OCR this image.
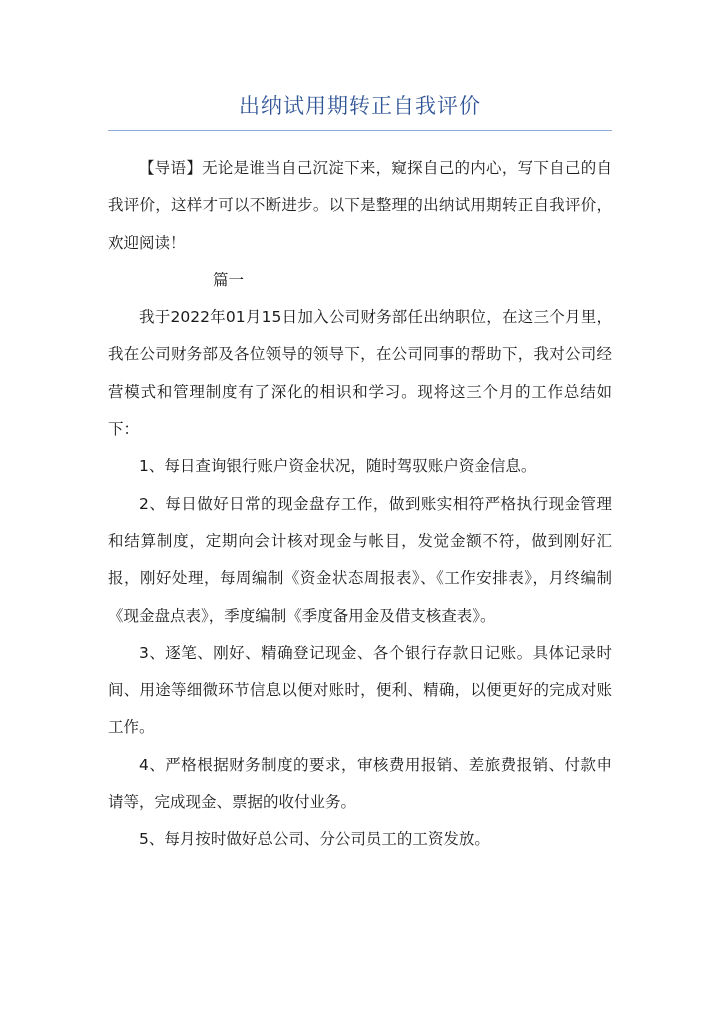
出纳试用期转正自我评价

【导语】无论是谁当自己沉淀下来，窥探自己的内心，写下自己的自我评价，这样才可以不断进步。以下是整理的出纳试用期转正自我评价，欢迎阅读！

篇一

我于2022年01月15日加入公司财务部任出纳职位，在这三个月里，我在公司财务部及各位领导的领导下，在公司同事的帮助下，我对公司经营模式和管理制度有了深化的相识和学习。现将这三个月的工作总结如下：

1、每日查询银行账户资金状况，随时驾驭账户资金信息。

2、每日做好日常的现金盘存工作，做到账实相符严格执行现金管理和结算制度，定期向会计核对现金与帐目，发觉金额不符，做到刚好汇报，刚好处理，每周编制《资金状态周报表》、《工作安排表》，月终编制《现金盘点表》，季度编制《季度备用金及借支核查表》。

3、逐笔、刚好、精确登记现金、各个银行存款日记账。具体记录时间、用途等细微环节信息以便对账时，便利、精确，以便更好的完成对账工作。

4、严格根据财务制度的要求，审核费用报销、差旅费报销、付款申请等，完成现金、票据的收付业务。

5、每月按时做好总公司、分公司员工的工资发放。
